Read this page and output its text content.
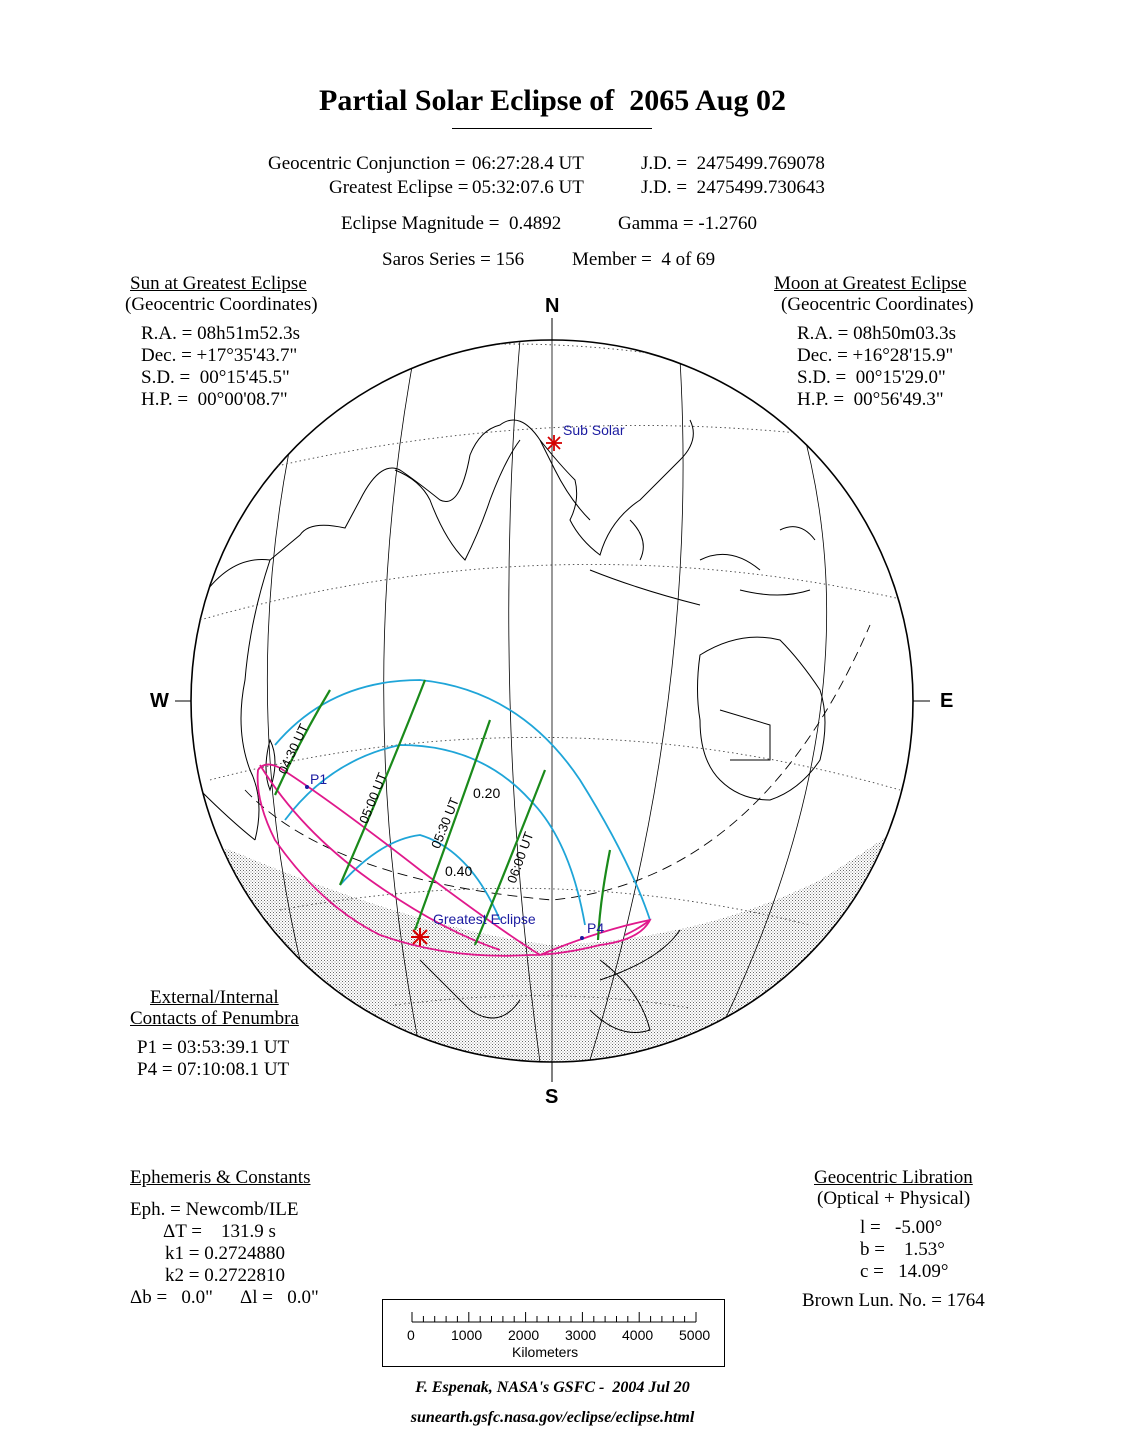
Partial Solar Eclipse of  2065 Aug 02
Geocentric Conjunction = 06:27:28.4 UT	J.D. =  2475499.769078
Greatest Eclipse = 05:32:07.6 UT	J.D. =  2475499.730643
Eclipse Magnitude =  0.4892	Gamma = -1.2760
Saros Series = 156	Member =  4 of 69
Sun at Greatest Eclipse
(Geocentric Coordinates)
R.A. = 08h51m52.3s
Dec. = +17°35'43.7"
S.D. =  00°15'45.5"
H.P. =  00°00'08.7"
Moon at Greatest Eclipse
(Geocentric Coordinates)
R.A. = 08h50m03.3s
Dec. = +16°28'15.9"
S.D. =  00°15'29.0"
H.P. =  00°56'49.3"
N
S
W	E
Sub Solar
Greatest Eclipse
P1
P4
0.20
0.40
04:30 UT
05:00 UT	05:30 UT
06:00 UT
External/Internal
Contacts of Penumbra
P1 = 03:53:39.1 UT
P4 = 07:10:08.1 UT
Ephemeris & Constants
Eph. = Newcomb/ILE
ΔT =    131.9 s
k1 = 0.2724880
k2 = 0.2722810
Δb =   0.0" Δl =   0.0"
Geocentric Libration
(Optical + Physical)
l =   -5.00°
b =    1.53°
c =   14.09°
Brown Lun. No. = 1764
0	1000 2000 3000 4000 5000
Kilometers
F. Espenak, NASA's GSFC -  2004 Jul 20
sunearth.gsfc.nasa.gov/eclipse/eclipse.html
